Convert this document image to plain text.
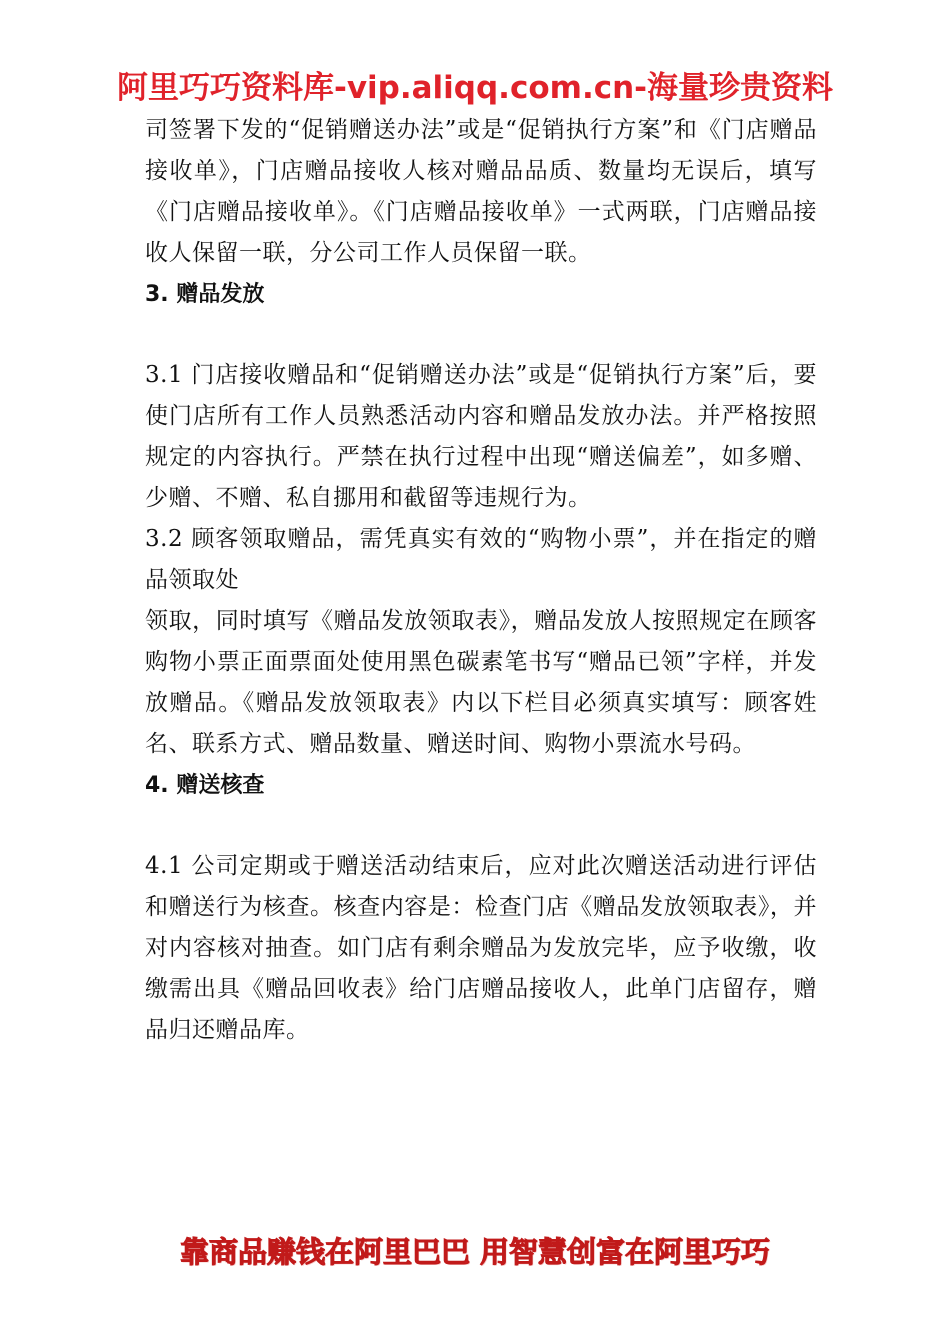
阿里巧巧资料库-vip.aliqq.com.cn-海量珍贵资料

司签署下发的“促销赠送办法”或是“促销执行方案”和《门店赠品接收单》，门店赠品接收人核对赠品品质、数量均无误后，填写《门店赠品接收单》。《门店赠品接收单》一式两联，门店赠品接收人保留一联，分公司工作人员保留一联。

3. 赠品发放

3.1 门店接收赠品和“促销赠送办法”或是“促销执行方案”后，要使门店所有工作人员熟悉活动内容和赠品发放办法。并严格按照规定的内容执行。严禁在执行过程中出现“赠送偏差”，如多赠、少赠、不赠、私自挪用和截留等违规行为。

3.2 顾客领取赠品，需凭真实有效的“购物小票”，并在指定的赠品领取处

领取，同时填写《赠品发放领取表》，赠品发放人按照规定在顾客购物小票正面票面处使用黑色碳素笔书写“赠品已领”字样，并发放赠品。《赠品发放领取表》内以下栏目必须真实填写：顾客姓名、联系方式、赠品数量、赠送时间、购物小票流水号码。

4. 赠送核查

4.1 公司定期或于赠送活动结束后，应对此次赠送活动进行评估和赠送行为核查。核查内容是：检查门店《赠品发放领取表》，并对内容核对抽查。如门店有剩余赠品为发放完毕，应予收缴，收缴需出具《赠品回收表》给门店赠品接收人，此单门店留存，赠品归还赠品库。

靠商品赚钱在阿里巴巴 用智慧创富在阿里巧巧
